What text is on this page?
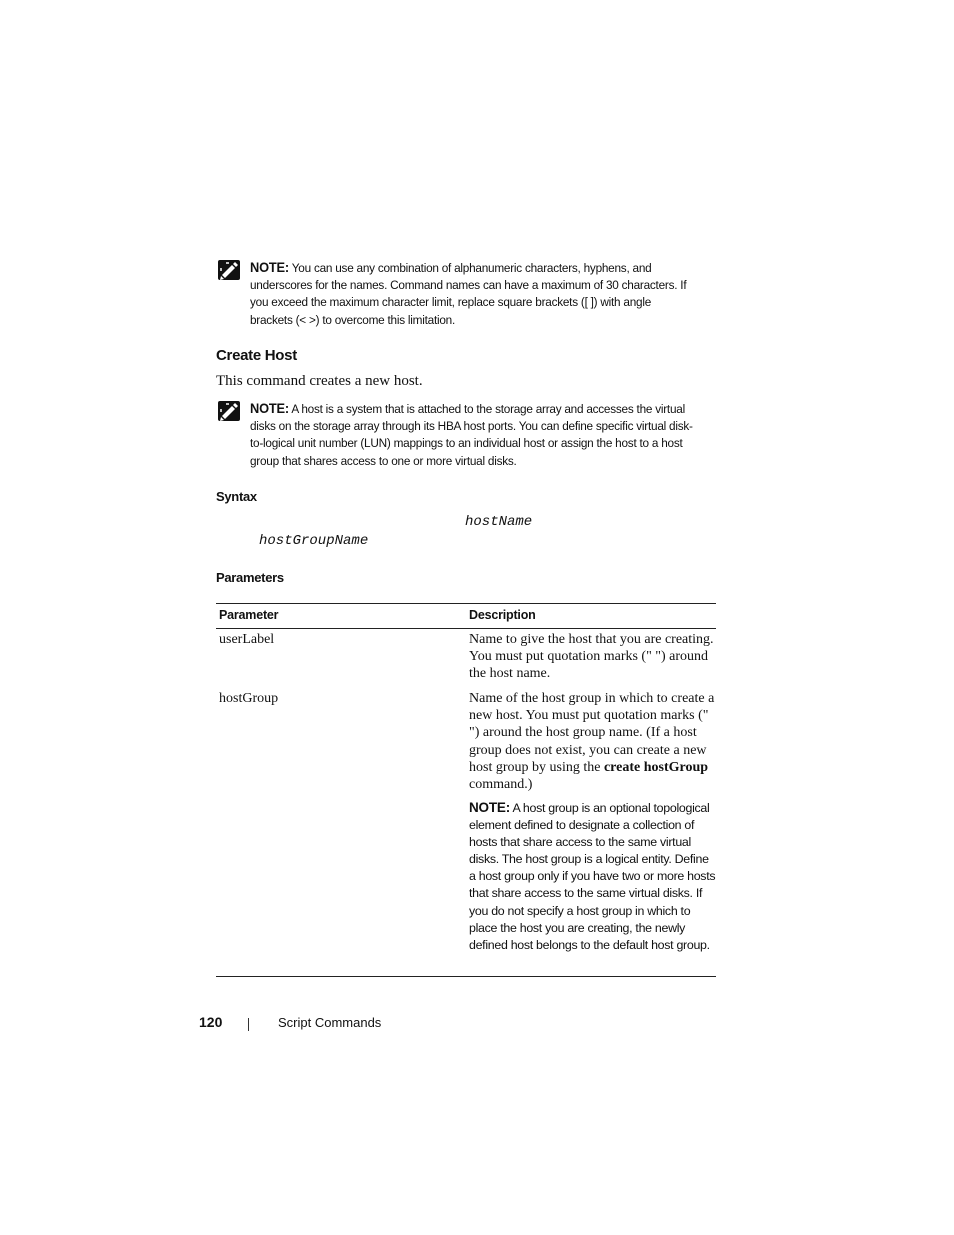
NOTE: You can use any combination of alphanumeric characters, hyphens, and underscores for the names. Command names can have a maximum of 30 characters. If you exceed the maximum character limit, replace square brackets ([ ]) with angle brackets (< >) to overcome this limitation.
Create Host
This command creates a new host.
NOTE: A host is a system that is attached to the storage array and accesses the virtual disks on the storage array through its HBA host ports. You can define specific virtual disk-to-logical unit number (LUN) mappings to an individual host or assign the host to a host group that shares access to one or more virtual disks.
Syntax
hostName
hostGroupName
Parameters
Parameter	Description
userLabel	Name to give the host that you are creating. You must put quotation marks (" ") around the host name.
hostGroup	Name of the host group in which to create a new host. You must put quotation marks (" ") around the host group name. (If a host group does not exist, you can create a new host group by using the create hostGroup command.)
NOTE: A host group is an optional topological element defined to designate a collection of hosts that share access to the same virtual disks. The host group is a logical entity. Define a host group only if you have two or more hosts that share access to the same virtual disks. If you do not specify a host group in which to place the host you are creating, the newly defined host belongs to the default host group.
120	Script Commands
